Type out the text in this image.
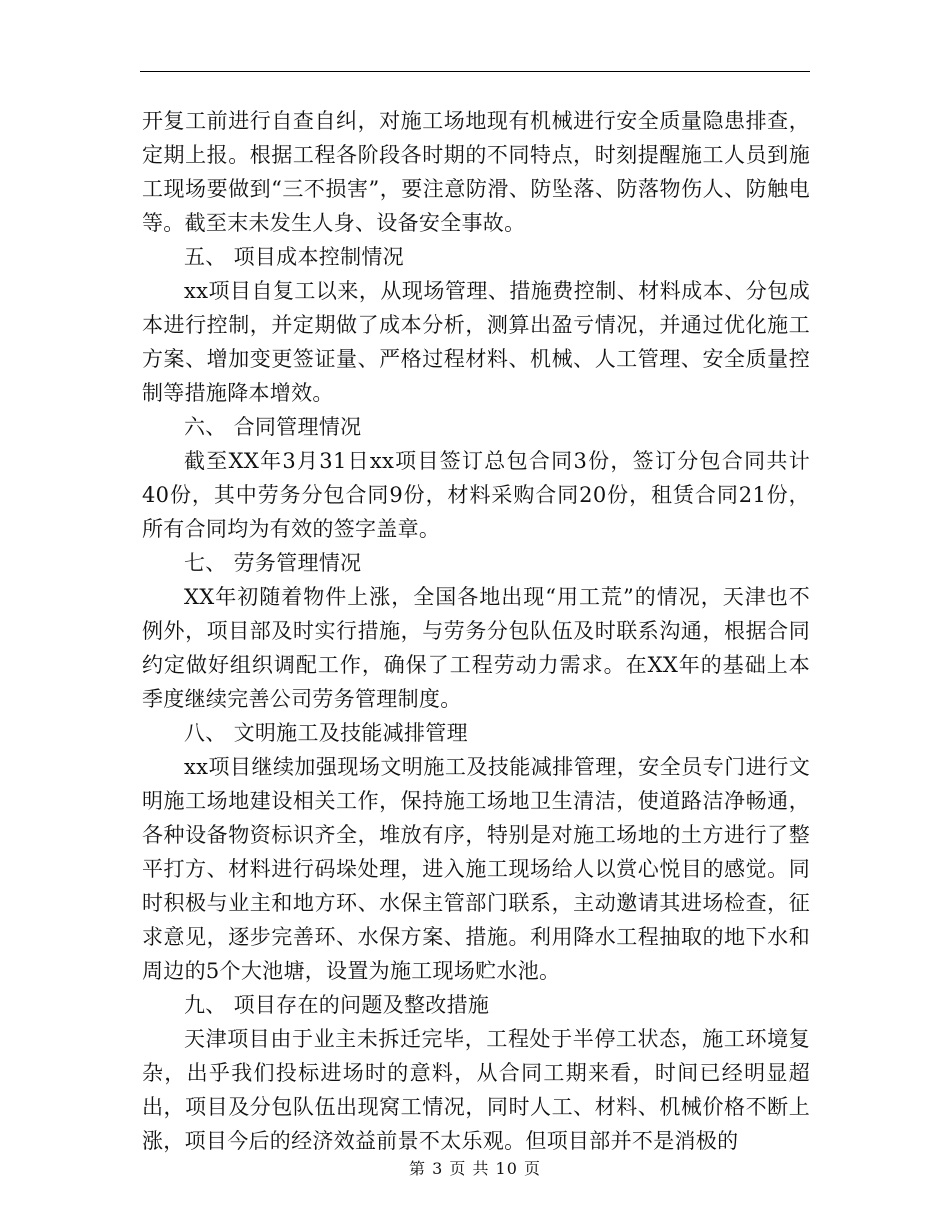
开复工前进行自查自纠，对施工场地现有机械进行安全质量隐患排查，定期上报。根据工程各阶段各时期的不同特点，时刻提醒施工人员到施工现场要做到“三不损害”，要注意防滑、防坠落、防落物伤人、防触电等。截至末未发生人身、设备安全事故。

五、 项目成本控制情况

xx项目自复工以来，从现场管理、措施费控制、材料成本、分包成本进行控制，并定期做了成本分析，测算出盈亏情况，并通过优化施工方案、增加变更签证量、严格过程材料、机械、人工管理、安全质量控制等措施降本增效。

六、 合同管理情况

截至XX年3月31日xx项目签订总包合同3份，签订分包合同共计40份，其中劳务分包合同9份，材料采购合同20份，租赁合同21份，所有合同均为有效的签字盖章。

七、 劳务管理情况

XX年初随着物件上涨，全国各地出现“用工荒”的情况，天津也不例外，项目部及时实行措施，与劳务分包队伍及时联系沟通，根据合同约定做好组织调配工作，确保了工程劳动力需求。在XX年的基础上本季度继续完善公司劳务管理制度。

八、 文明施工及技能减排管理

xx项目继续加强现场文明施工及技能减排管理，安全员专门进行文明施工场地建设相关工作，保持施工场地卫生清洁，使道路洁净畅通，各种设备物资标识齐全，堆放有序，特别是对施工场地的土方进行了整平打方、材料进行码垛处理，进入施工现场给人以赏心悦目的感觉。同时积极与业主和地方环、水保主管部门联系，主动邀请其进场检查，征求意见，逐步完善环、水保方案、措施。利用降水工程抽取的地下水和周边的5个大池塘，设置为施工现场贮水池。

九、 项目存在的问题及整改措施

天津项目由于业主未拆迁完毕，工程处于半停工状态，施工环境复杂，出乎我们投标进场时的意料，从合同工期来看，时间已经明显超出，项目及分包队伍出现窝工情况，同时人工、材料、机械价格不断上涨，项目今后的经济效益前景不太乐观。但项目部并不是消极的

第 3 页 共 10 页
